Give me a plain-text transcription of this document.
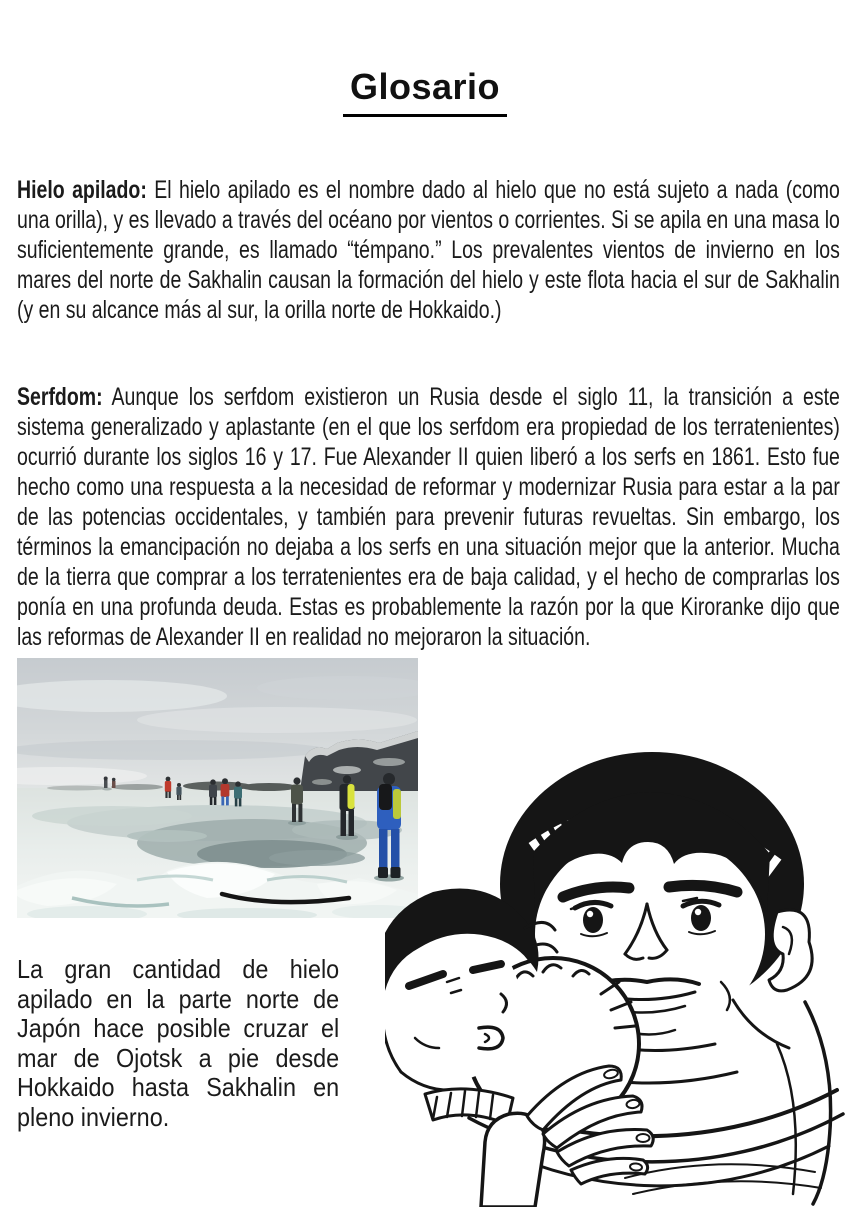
Glosario

Hielo apilado: El hielo apilado es el nombre dado al hielo que no está sujeto a nada (como una orilla), y es llevado a través del océano por vientos o corrientes. Si se apila en una masa lo suficientemente grande, es llamado “témpano.” Los prevalentes vientos de invierno en los mares del norte de Sakhalin causan la formación del hielo y este flota hacia el sur de Sakhalin (y en su alcance más al sur, la orilla norte de Hokkaido.)

Serfdom: Aunque los serfdom existieron un Rusia desde el siglo 11, la transición a este sistema generalizado y aplastante (en el que los serfdom era propiedad de los terratenientes) ocurrió durante los siglos 16 y 17. Fue Alexander II quien liberó a los serfs en 1861. Esto fue hecho como una respuesta a la necesidad de reformar y modernizar Rusia para estar a la par de las potencias occidentales, y también para prevenir futuras revueltas. Sin embargo, los términos la emancipación no dejaba a los serfs en una situación mejor que la anterior. Mucha de la tierra que comprar a los terratenientes era de baja calidad, y el hecho de comprarlas los ponía en una profunda deuda. Estas es probablemente la razón por la que Kiroranke dijo que las reformas de Alexander II en realidad no mejoraron la situación.

La gran cantidad de hielo apilado en la parte norte de Japón hace posible cruzar el mar de Ojotsk a pie desde Hokkaido hasta Sakhalin en pleno invierno.
